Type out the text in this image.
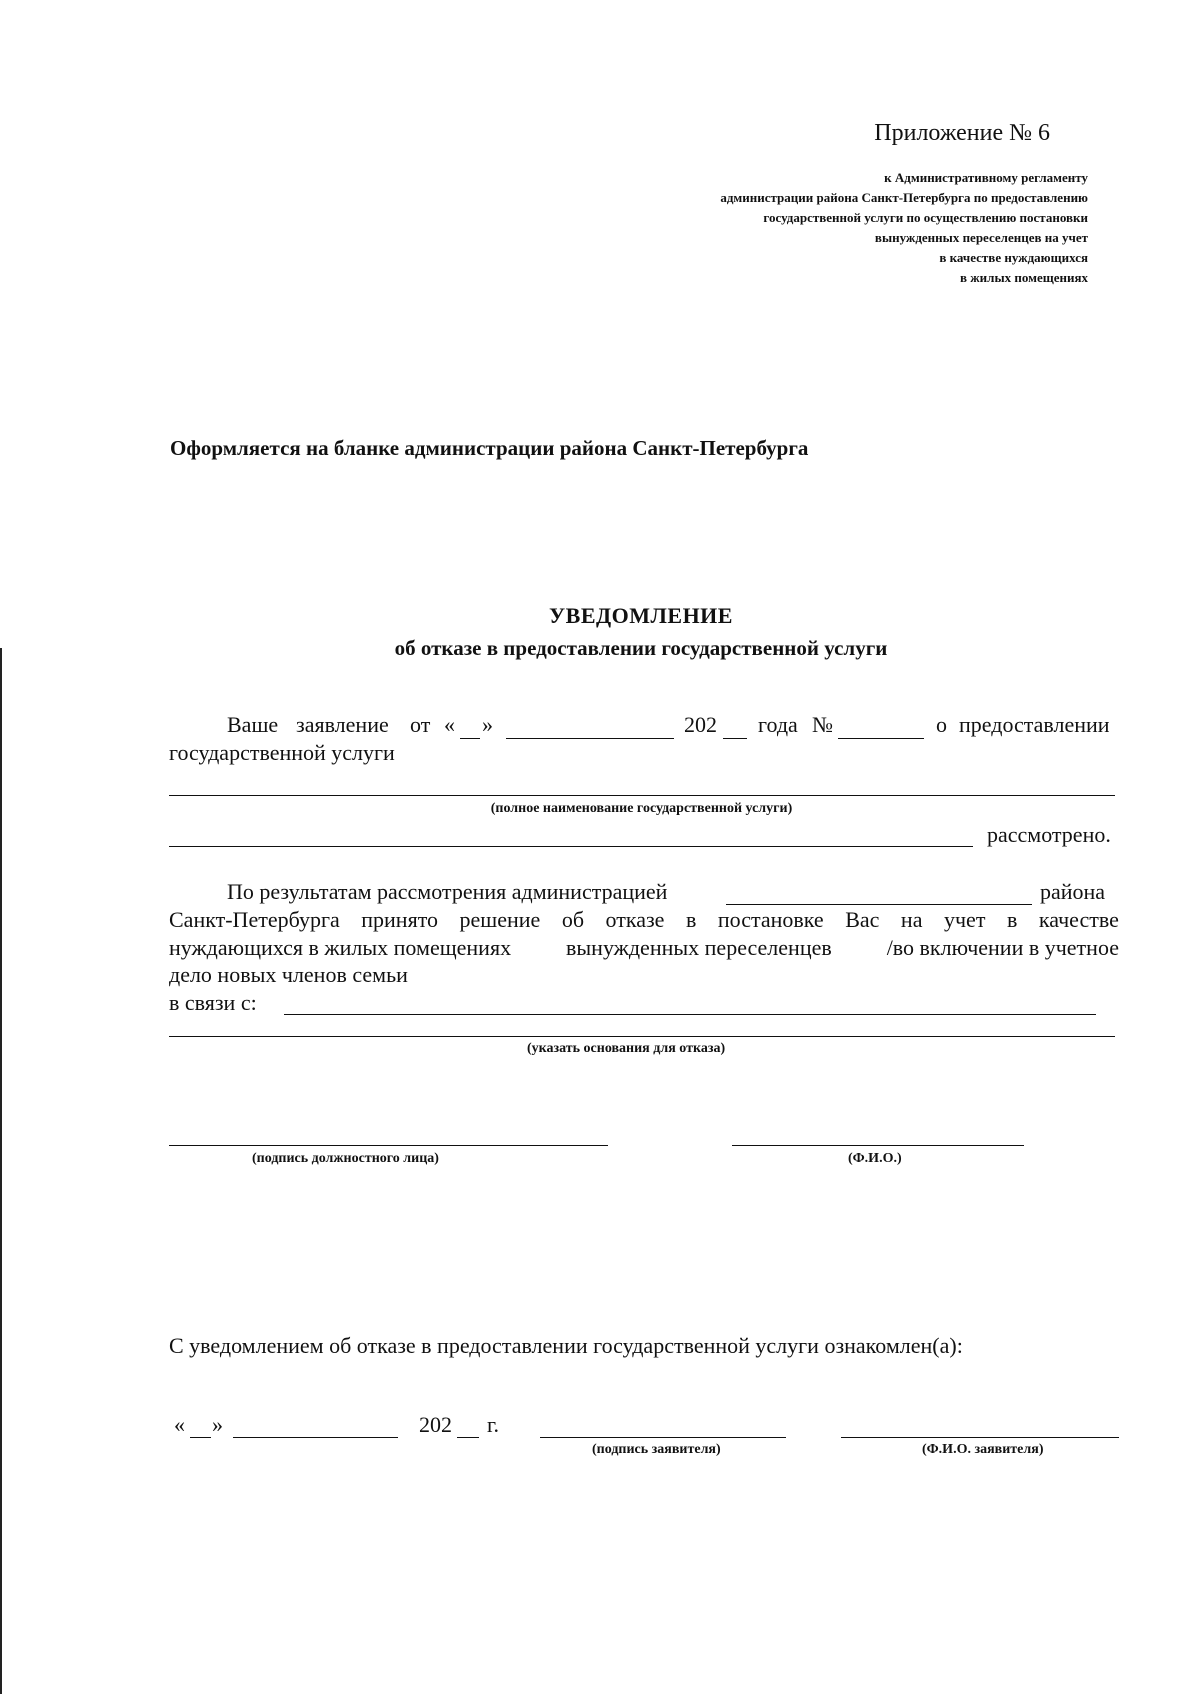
Приложение № 6
к Административному регламенту
администрации района Санкт-Петербурга по предоставлению
государственной услуги по осуществлению постановки
вынужденных переселенцев на учет
в качестве нуждающихся
в жилых помещениях
Оформляется на бланке администрации района Санкт-Петербурга
УВЕДОМЛЕНИЕ
об отказе в предоставлении государственной услуги
Ваше заявление от « »	202 года №	о предоставлении
государственной услуги
(полное наименование государственной услуги)
рассмотрено.
По результатам рассмотрения администрацией	района
Санкт-Петербурга принято решение об отказе в постановке Вас на учет в качестве
нуждающихся в жилых помещениях вынужденных переселенцев /во включении в учетное
дело новых членов семьи
в связи с:
(указать основания для отказа)
(подпись должностного лица)	(Ф.И.О.)
С уведомлением об отказе в предоставлении государственной услуги ознакомлен(а):
« »	202 г.
(подпись заявителя)	(Ф.И.О. заявителя)
